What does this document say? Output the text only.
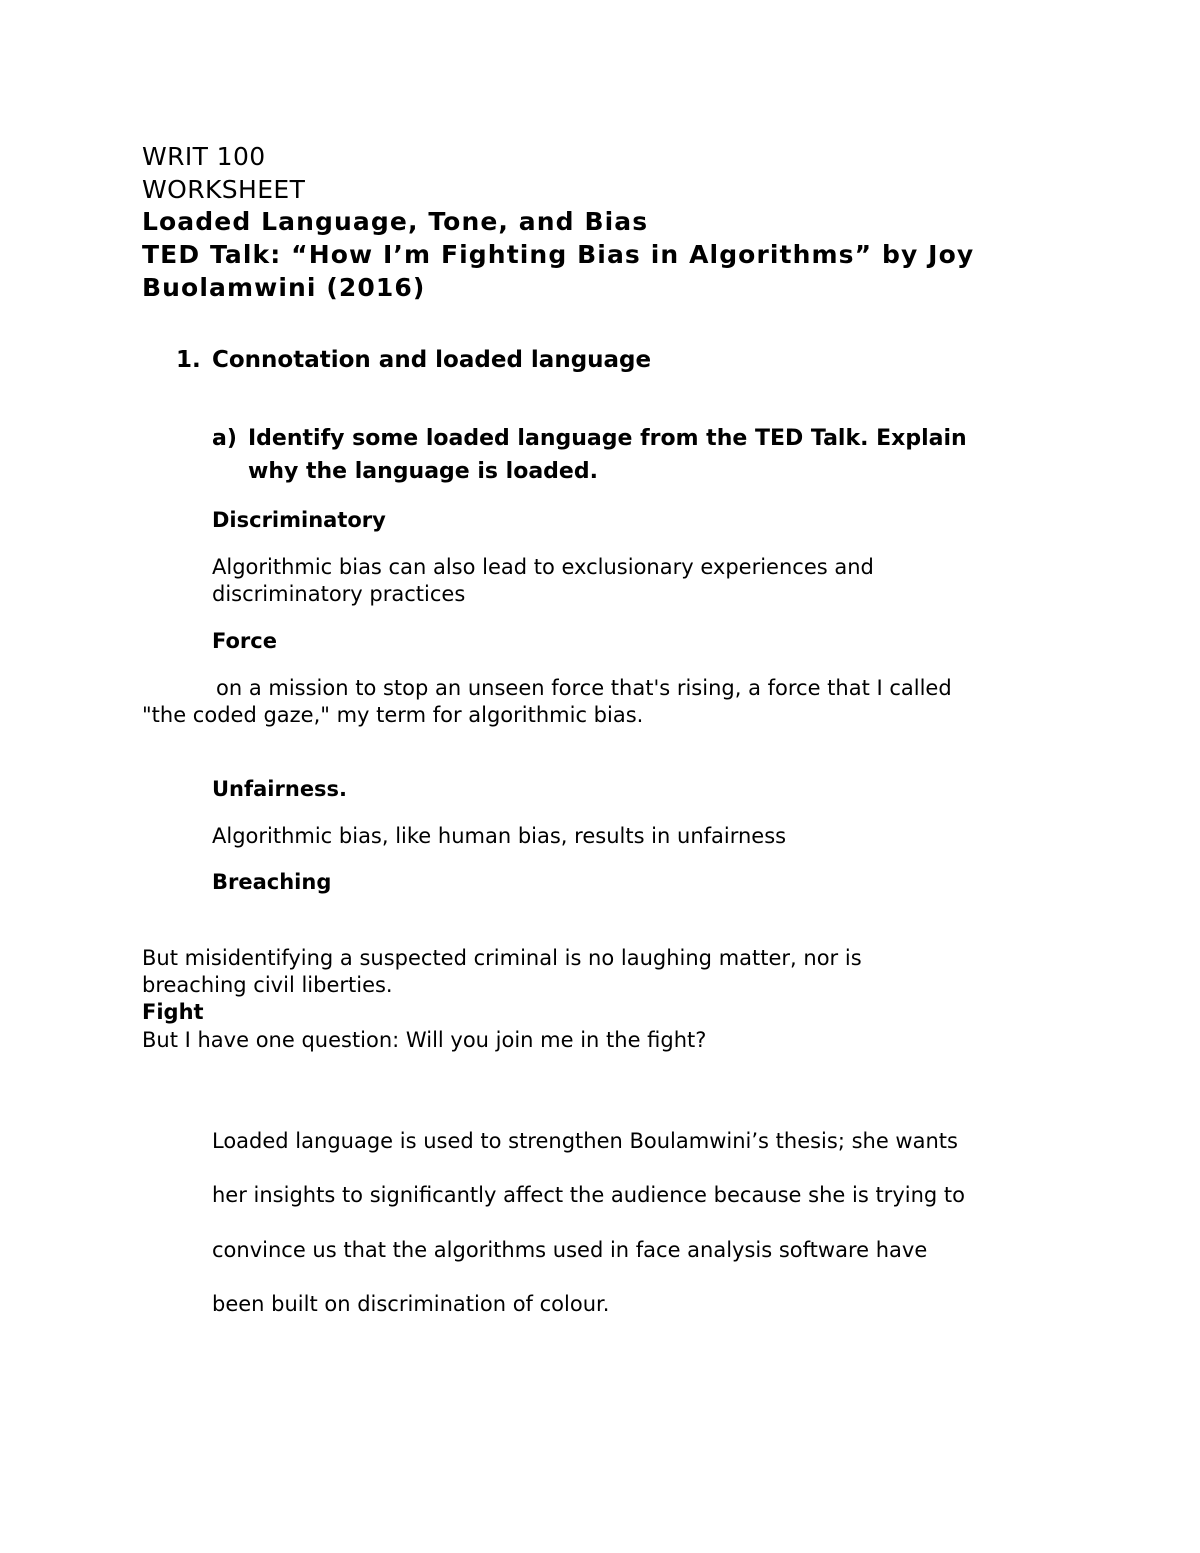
WRIT 100
WORKSHEET
Loaded Language, Tone, and Bias
TED Talk: “How I’m Fighting Bias in Algorithms” by Joy
Buolamwini (2016)
1. Connotation and loaded language
a) Identify some loaded language from the TED Talk. Explain
why the language is loaded.
Discriminatory
Algorithmic bias can also lead to exclusionary experiences and
discriminatory practices
Force
on a mission to stop an unseen force that's rising, a force that I called
"the coded gaze," my term for algorithmic bias.
Unfairness.
Algorithmic bias, like human bias, results in unfairness
Breaching
But misidentifying a suspected criminal is no laughing matter, nor is
breaching civil liberties.
Fight
But I have one question: Will you join me in the fight?
Loaded language is used to strengthen Boulamwini’s thesis; she wants
her insights to significantly affect the audience because she is trying to
convince us that the algorithms used in face analysis software have
been built on discrimination of colour.
